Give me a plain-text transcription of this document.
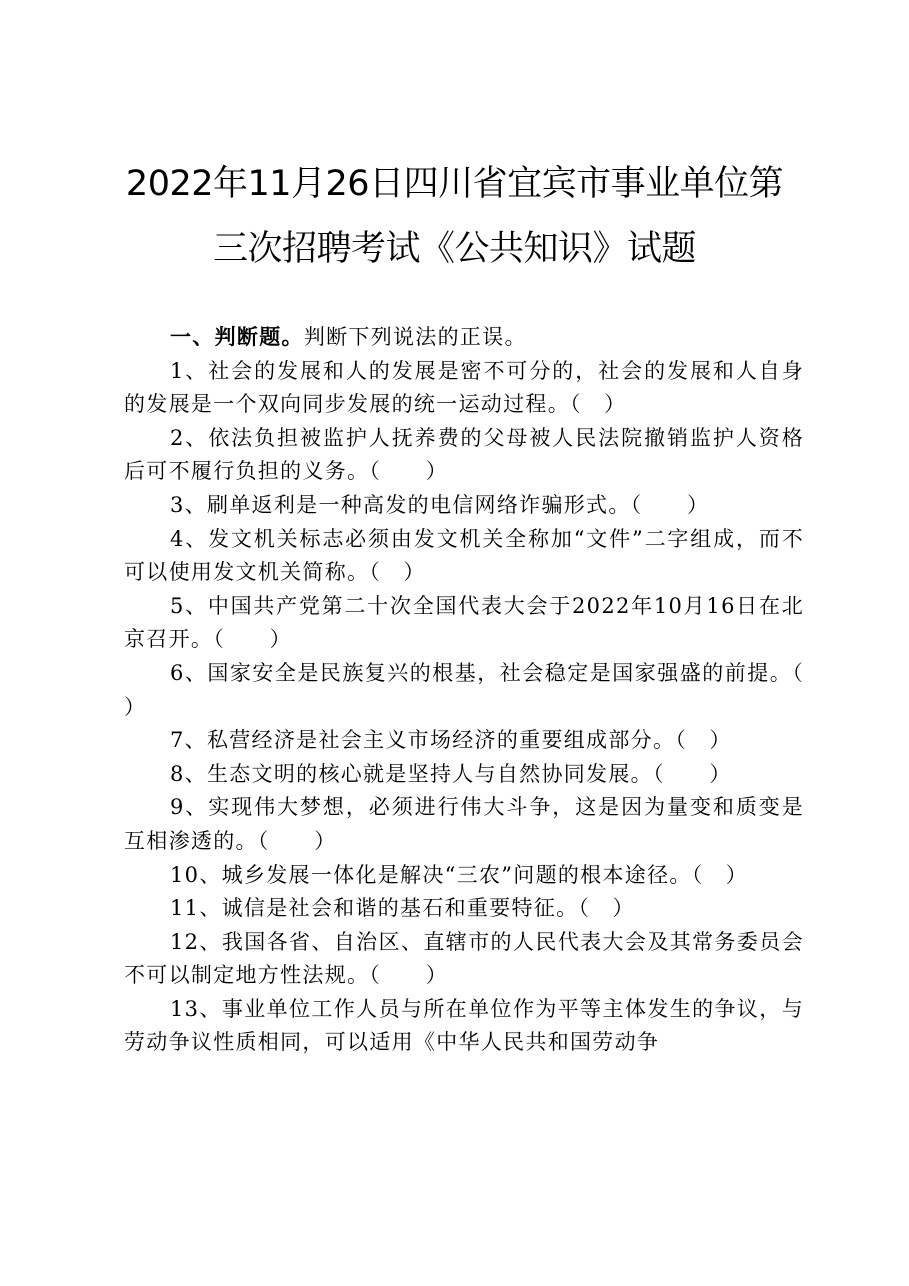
2022年11月26日四川省宜宾市事业单位第
三次招聘考试《公共知识》试题

一、判断题。判断下列说法的正误。

1、社会的发展和人的发展是密不可分的，社会的发展和人自身的发展是一个双向同步发展的统一运动过程。（　）

2、依法负担被监护人抚养费的父母被人民法院撤销监护人资格后可不履行负担的义务。（　　）

3、刷单返利是一种高发的电信网络诈骗形式。（　　）

4、发文机关标志必须由发文机关全称加“文件”二字组成，而不可以使用发文机关简称。（　）

5、中国共产党第二十次全国代表大会于2022年10月16日在北京召开。（　　）

6、国家安全是民族复兴的根基，社会稳定是国家强盛的前提。（　　）

7、私营经济是社会主义市场经济的重要组成部分。（　）

8、生态文明的核心就是坚持人与自然协同发展。（　　）

9、实现伟大梦想，必须进行伟大斗争，这是因为量变和质变是互相渗透的。（　　）

10、城乡发展一体化是解决“三农”问题的根本途径。（　）

11、诚信是社会和谐的基石和重要特征。（　）

12、我国各省、自治区、直辖市的人民代表大会及其常务委员会不可以制定地方性法规。（　　）

13、事业单位工作人员与所在单位作为平等主体发生的争议，与劳动争议性质相同，可以适用《中华人民共和国劳动争
